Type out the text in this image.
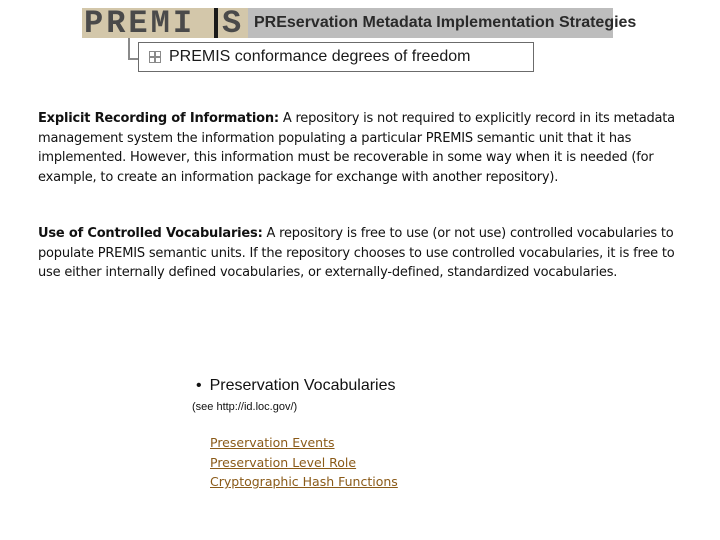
PREMI S PREservation Metadata Implementation Strategies
PREMIS conformance degrees of freedom
Explicit Recording of Information: A repository is not required to explicitly record in its metadata management system the information populating a particular PREMIS semantic unit that it has implemented. However, this information must be recoverable in some way when it is needed (for example, to create an information package for exchange with another repository).
Use of Controlled Vocabularies: A repository is free to use (or not use) controlled vocabularies to populate PREMIS semantic units. If the repository chooses to use controlled vocabularies, it is free to use either internally defined vocabularies, or externally-defined, standardized vocabularies.
• Preservation Vocabularies
(see http://id.loc.gov/)
Preservation Events
Preservation Level Role
Cryptographic Hash Functions
